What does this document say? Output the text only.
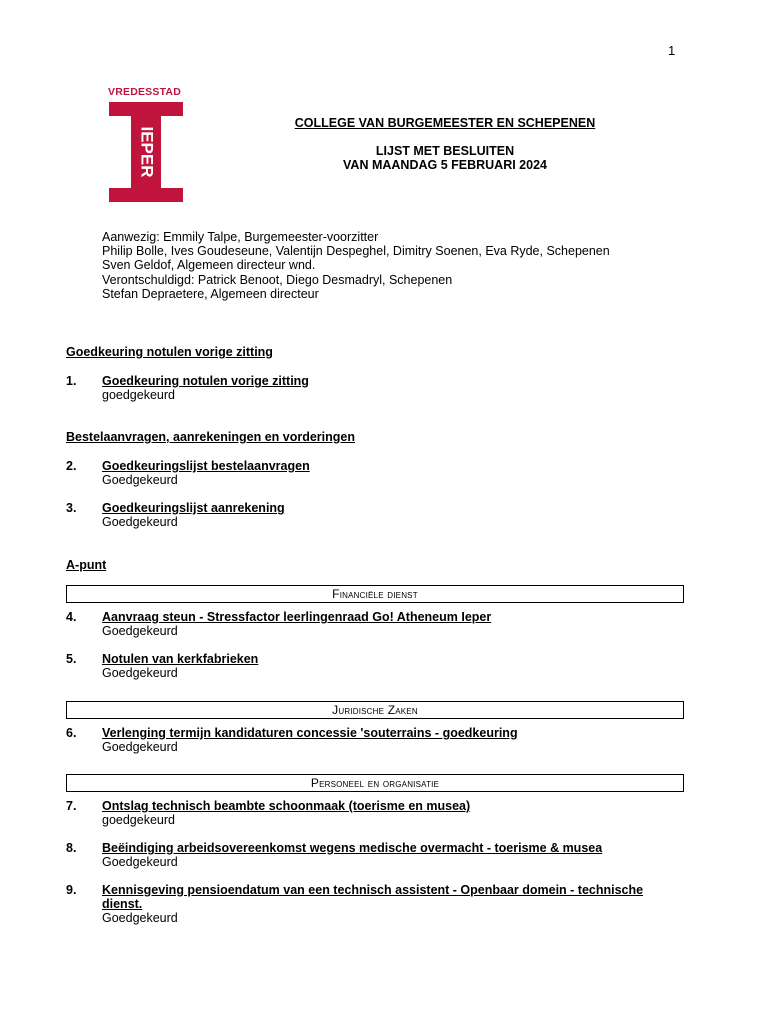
1
VREDESSTAD
IEPER
COLLEGE VAN BURGEMEESTER EN SCHEPENEN
LIJST MET BESLUITEN
VAN MAANDAG 5 FEBRUARI 2024
Aanwezig: Emmily Talpe, Burgemeester-voorzitter
Philip Bolle, Ives Goudeseune, Valentijn Despeghel, Dimitry Soenen, Eva Ryde, Schepenen
Sven Geldof, Algemeen directeur wnd.
Verontschuldigd: Patrick Benoot, Diego Desmadryl, Schepenen
Stefan Depraetere, Algemeen directeur
Goedkeuring notulen vorige zitting
1. Goedkeuring notulen vorige zitting
goedgekeurd
Bestelaanvragen, aanrekeningen en vorderingen
2. Goedkeuringslijst bestelaanvragen
Goedgekeurd
3. Goedkeuringslijst aanrekening
Goedgekeurd
A-punt
Financiële dienst
4. Aanvraag steun - Stressfactor leerlingenraad Go! Atheneum Ieper
Goedgekeurd
5. Notulen van kerkfabrieken
Goedgekeurd
Juridische Zaken
6. Verlenging termijn kandidaturen concessie 'souterrains - goedkeuring
Goedgekeurd
Personeel en organisatie
7. Ontslag technisch beambte schoonmaak (toerisme en musea)
goedgekeurd
8. Beëindiging arbeidsovereenkomst wegens medische overmacht - toerisme & musea
Goedgekeurd
9. Kennisgeving pensioendatum van een technisch assistent - Openbaar domein - technische dienst.
Goedgekeurd
